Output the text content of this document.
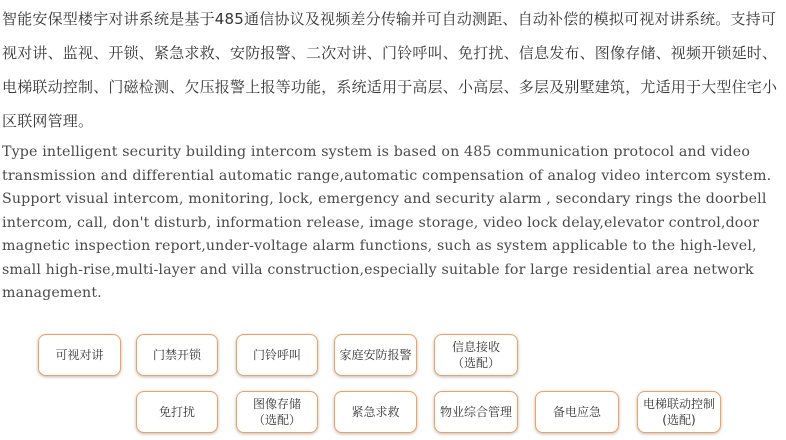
智能安保型楼宇对讲系统是基于485通信协议及视频差分传输并可自动测距、自动补偿的模拟可视对讲系统。支持可视对讲、监视、开锁、紧急求救、安防报警、二次对讲、门铃呼叫、免打扰、信息发布、图像存储、视频开锁延时、电梯联动控制、门磁检测、欠压报警上报等功能，系统适用于高层、小高层、多层及别墅建筑，尤适用于大型住宅小区联网管理。
Type intelligent security building intercom system is based on 485 communication protocol and video transmission and differential automatic range,automatic compensation of analog video intercom system. Support visual intercom, monitoring, lock, emergency and security alarm , secondary rings the doorbell intercom, call, don't disturb, information release, image storage, video lock delay,elevator control,door magnetic inspection report,under-voltage alarm functions, such as system applicable to the high-level, small high-rise,multi-layer and villa construction,especially suitable for large residential area network management.
可视对讲	门禁开锁	门铃呼叫	家庭安防报警
信息接收
（选配）
免打扰
图像存储
（选配）
紧急求救	物业综合管理	备电应急
电梯联动控制
(选配)
